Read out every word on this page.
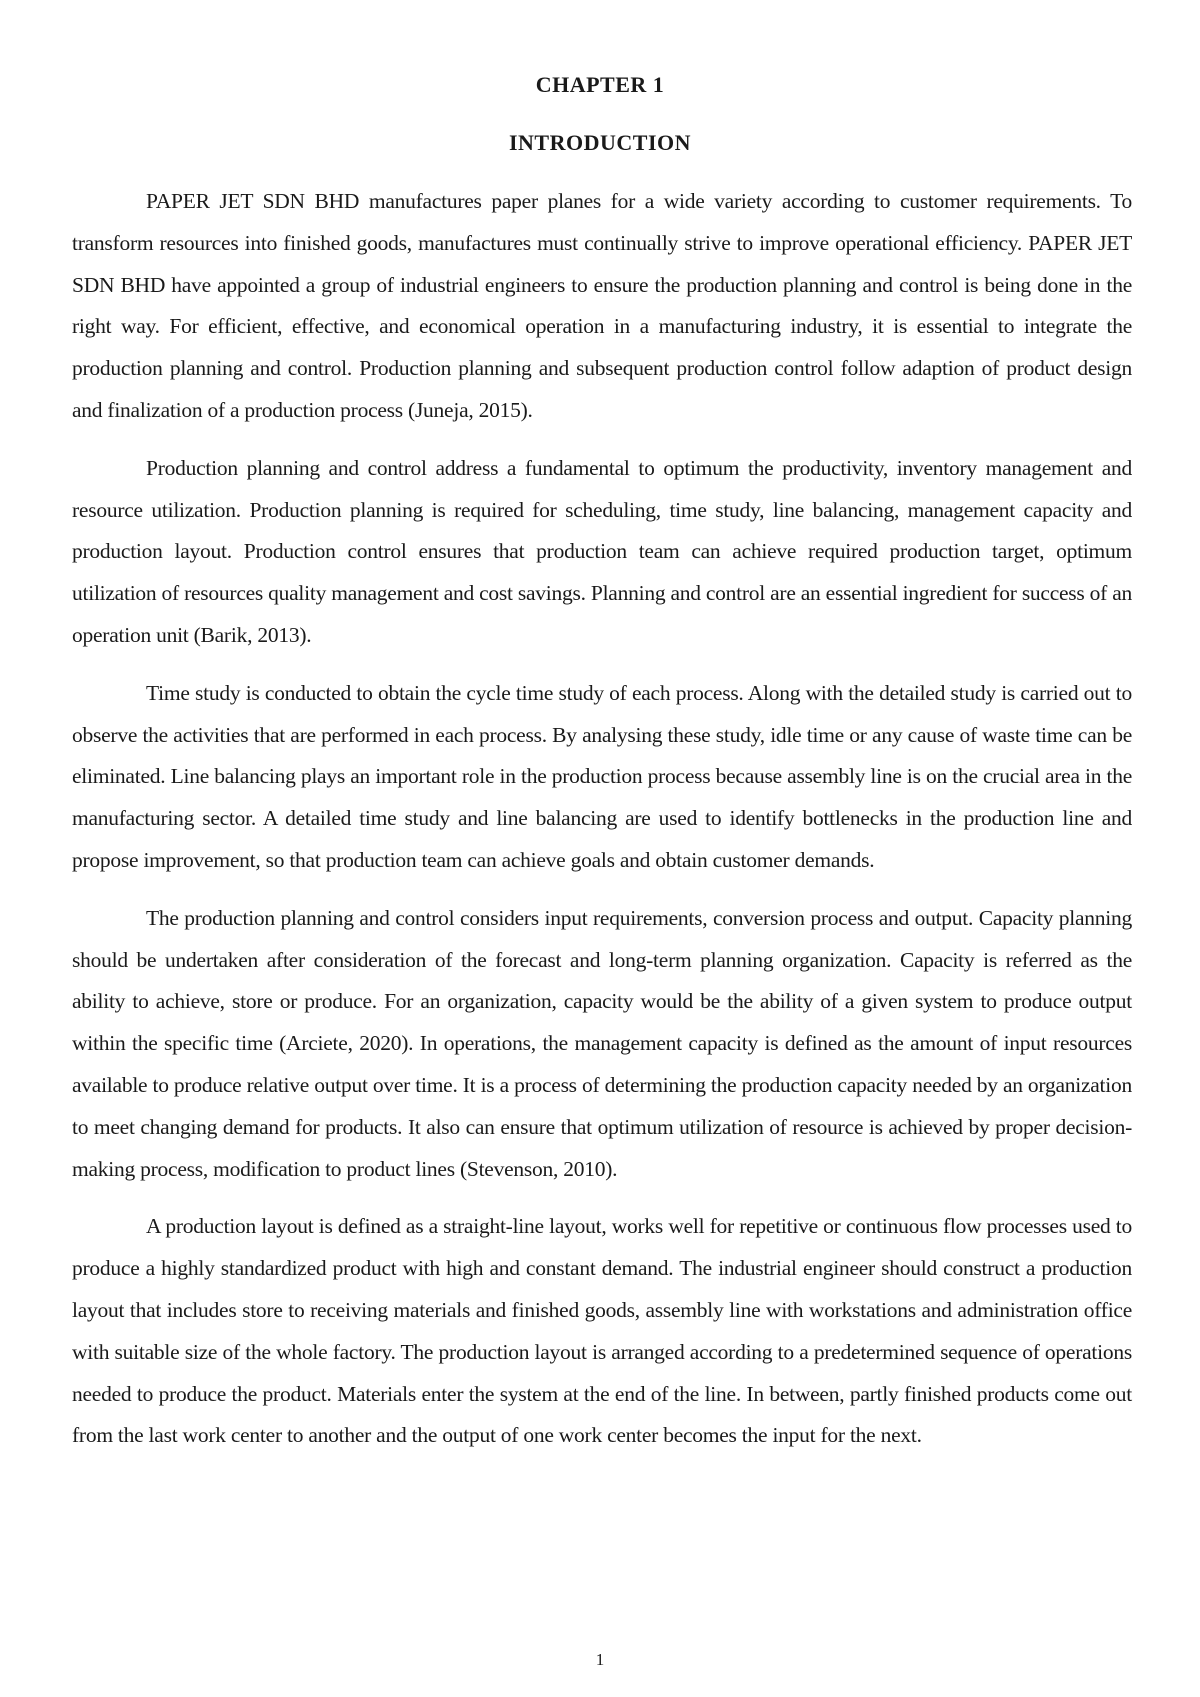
CHAPTER 1
INTRODUCTION

PAPER JET SDN BHD manufactures paper planes for a wide variety according to customer requirements. To transform resources into finished goods, manufactures must continually strive to improve operational efficiency. PAPER JET SDN BHD have appointed a group of industrial engineers to ensure the production planning and control is being done in the right way. For efficient, effective, and economical operation in a manufacturing industry, it is essential to integrate the production planning and control. Production planning and subsequent production control follow adaption of product design and finalization of a production process (Juneja, 2015).

Production planning and control address a fundamental to optimum the productivity, inventory management and resource utilization. Production planning is required for scheduling, time study, line balancing, management capacity and production layout. Production control ensures that production team can achieve required production target, optimum utilization of resources quality management and cost savings. Planning and control are an essential ingredient for success of an operation unit (Barik, 2013).

Time study is conducted to obtain the cycle time study of each process. Along with the detailed study is carried out to observe the activities that are performed in each process. By analysing these study, idle time or any cause of waste time can be eliminated. Line balancing plays an important role in the production process because assembly line is on the crucial area in the manufacturing sector. A detailed time study and line balancing are used to identify bottlenecks in the production line and propose improvement, so that production team can achieve goals and obtain customer demands.

The production planning and control considers input requirements, conversion process and output. Capacity planning should be undertaken after consideration of the forecast and long-term planning organization. Capacity is referred as the ability to achieve, store or produce. For an organization, capacity would be the ability of a given system to produce output within the specific time (Arciete, 2020). In operations, the management capacity is defined as the amount of input resources available to produce relative output over time. It is a process of determining the production capacity needed by an organization to meet changing demand for products. It also can ensure that optimum utilization of resource is achieved by proper decision-making process, modification to product lines (Stevenson, 2010).

A production layout is defined as a straight-line layout, works well for repetitive or continuous flow processes used to produce a highly standardized product with high and constant demand. The industrial engineer should construct a production layout that includes store to receiving materials and finished goods, assembly line with workstations and administration office with suitable size of the whole factory. The production layout is arranged according to a predetermined sequence of operations needed to produce the product. Materials enter the system at the end of the line. In between, partly finished products come out from the last work center to another and the output of one work center becomes the input for the next.

1
